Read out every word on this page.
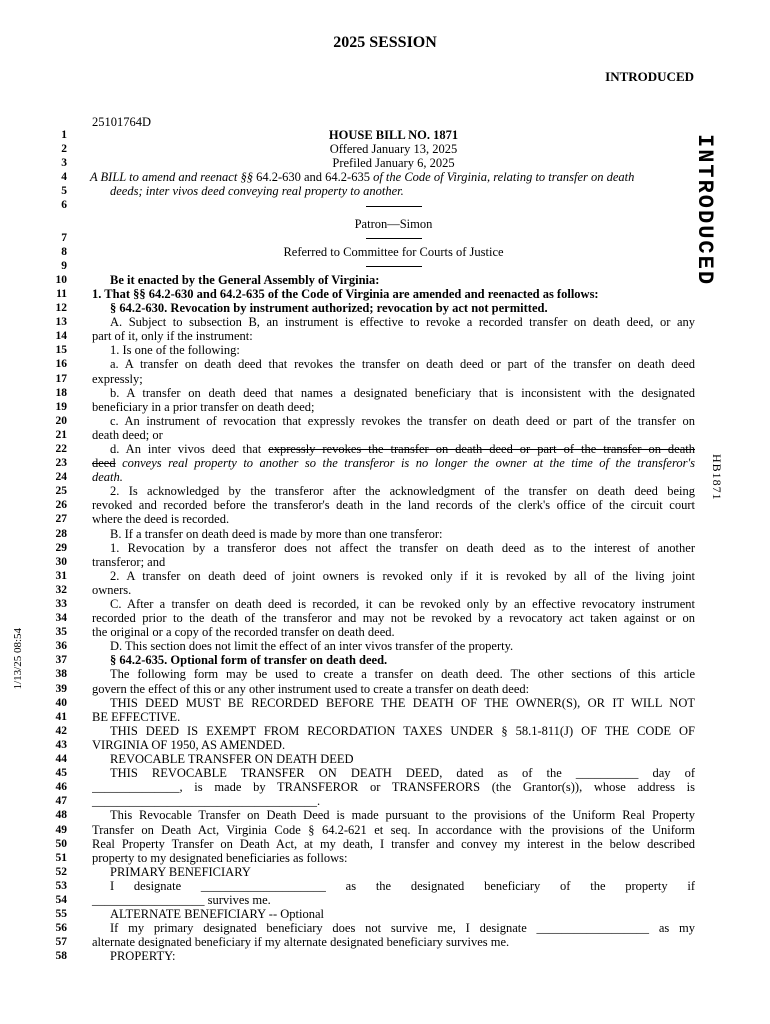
2025 SESSION
INTRODUCED
INTRODUCED
HB1871
1/13/25 08:54
25101764D
1	HOUSE BILL NO. 1871
2	Offered January 13, 2025
3	Prefiled January 6, 2025
4 A BILL to amend and reenact §§ 64.2-630 and 64.2-635 of the Code of Virginia, relating to transfer on death
5	deeds; inter vivos deed conveying real property to another.
6
Patron—Simon
7
8	Referred to Committee for Courts of Justice
9
10	Be it enacted by the General Assembly of Virginia:
11 1. That §§ 64.2-630 and 64.2-635 of the Code of Virginia are amended and reenacted as follows:
12	§ 64.2-630. Revocation by instrument authorized; revocation by act not permitted.
13	A. Subject to subsection B, an instrument is effective to revoke a recorded transfer on death deed, or any
14 part of it, only if the instrument:
15	1. Is one of the following:
16	a. A transfer on death deed that revokes the transfer on death deed or part of the transfer on death deed
17 expressly;
18	b. A transfer on death deed that names a designated beneficiary that is inconsistent with the designated
19 beneficiary in a prior transfer on death deed;
20	c. An instrument of revocation that expressly revokes the transfer on death deed or part of the transfer on
21 death deed; or
22	d. An inter vivos deed that expressly revokes the transfer on death deed or part of the transfer on death
23 deed conveys real property to another so the transferor is no longer the owner at the time of the transferor's
24 death.
25	2. Is acknowledged by the transferor after the acknowledgment of the transfer on death deed being
26 revoked and recorded before the transferor's death in the land records of the clerk's office of the circuit court
27 where the deed is recorded.
28	B. If a transfer on death deed is made by more than one transferor:
29	1. Revocation by a transferor does not affect the transfer on death deed as to the interest of another
30 transferor; and
31	2. A transfer on death deed of joint owners is revoked only if it is revoked by all of the living joint
32 owners.
33	C. After a transfer on death deed is recorded, it can be revoked only by an effective revocatory instrument
34 recorded prior to the death of the transferor and may not be revoked by a revocatory act taken against or on
35 the original or a copy of the recorded transfer on death deed.
36	D. This section does not limit the effect of an inter vivos transfer of the property.
37	§ 64.2-635. Optional form of transfer on death deed.
38	The following form may be used to create a transfer on death deed. The other sections of this article
39 govern the effect of this or any other instrument used to create a transfer on death deed:
40	THIS DEED MUST BE RECORDED BEFORE THE DEATH OF THE OWNER(S), OR IT WILL NOT
41 BE EFFECTIVE.
42	THIS DEED IS EXEMPT FROM RECORDATION TAXES UNDER § 58.1-811(J) OF THE CODE OF
43 VIRGINIA OF 1950, AS AMENDED.
44	REVOCABLE TRANSFER ON DEATH DEED
45	THIS REVOCABLE TRANSFER ON DEATH DEED, dated as of the __________ day of
46 ______________, is made by TRANSFEROR or TRANSFERORS (the Grantor(s)), whose address is
47 ____________________________________.
48	This Revocable Transfer on Death Deed is made pursuant to the provisions of the Uniform Real Property
49 Transfer on Death Act, Virginia Code § 64.2-621 et seq. In accordance with the provisions of the Uniform
50 Real Property Transfer on Death Act, at my death, I transfer and convey my interest in the below described
51 property to my designated beneficiaries as follows:
52	PRIMARY BENEFICIARY
53	I designate ____________________ as the designated beneficiary of the property if
54 __________________ survives me.
55	ALTERNATE BENEFICIARY -- Optional
56	If my primary designated beneficiary does not survive me, I designate __________________ as my
57 alternate designated beneficiary if my alternate designated beneficiary survives me.
58	PROPERTY:
